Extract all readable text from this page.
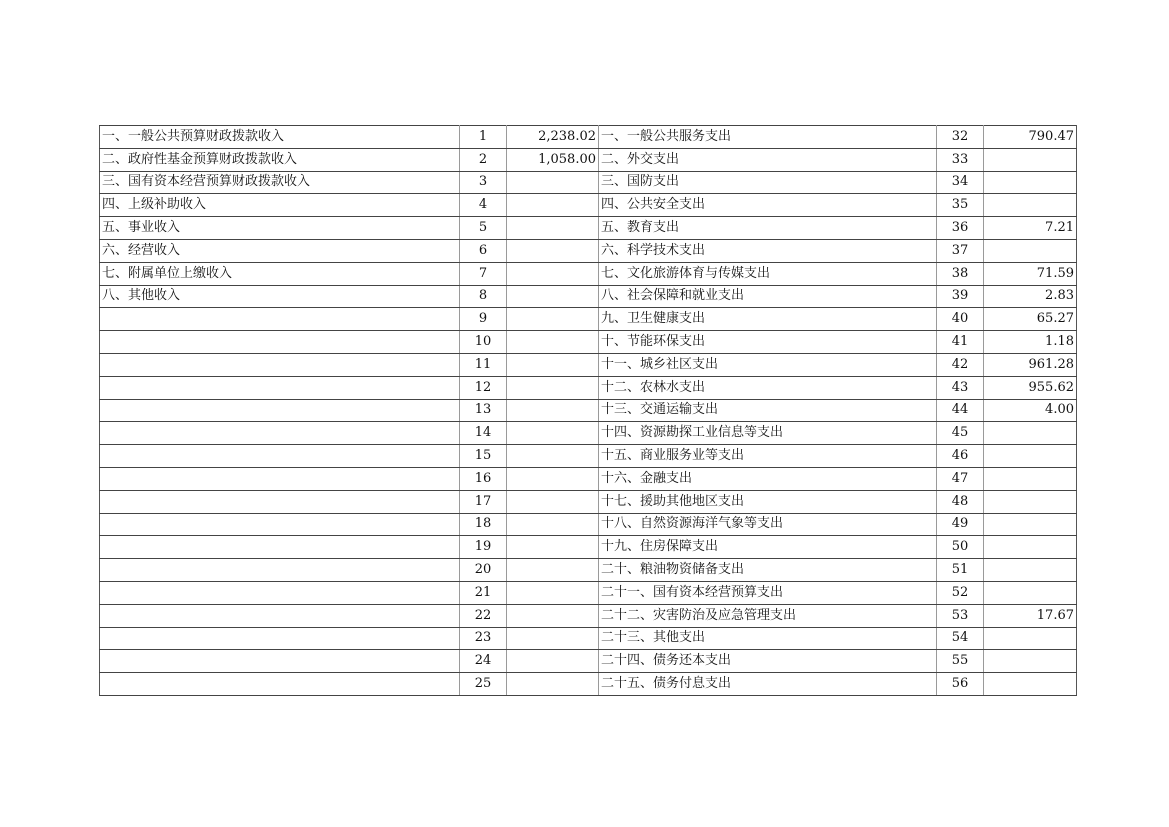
一、一般公共预算财政拨款收入	1	2,238.02	一、一般公共服务支出	32	790.47
二、政府性基金预算财政拨款收入	2	1,058.00	二、外交支出	33	
三、国有资本经营预算财政拨款收入	3		三、国防支出	34	
四、上级补助收入	4		四、公共安全支出	35	
五、事业收入	5		五、教育支出	36	7.21
六、经营收入	6		六、科学技术支出	37	
七、附属单位上缴收入	7		七、文化旅游体育与传媒支出	38	71.59
八、其他收入	8		八、社会保障和就业支出	39	2.83
	9		九、卫生健康支出	40	65.27
	10		十、节能环保支出	41	1.18
	11		十一、城乡社区支出	42	961.28
	12		十二、农林水支出	43	955.62
	13		十三、交通运输支出	44	4.00
	14		十四、资源勘探工业信息等支出	45	
	15		十五、商业服务业等支出	46	
	16		十六、金融支出	47	
	17		十七、援助其他地区支出	48	
	18		十八、自然资源海洋气象等支出	49	
	19		十九、住房保障支出	50	
	20		二十、粮油物资储备支出	51	
	21		二十一、国有资本经营预算支出	52	
	22		二十二、灾害防治及应急管理支出	53	17.67
	23		二十三、其他支出	54	
	24		二十四、债务还本支出	55	
	25		二十五、债务付息支出	56	
